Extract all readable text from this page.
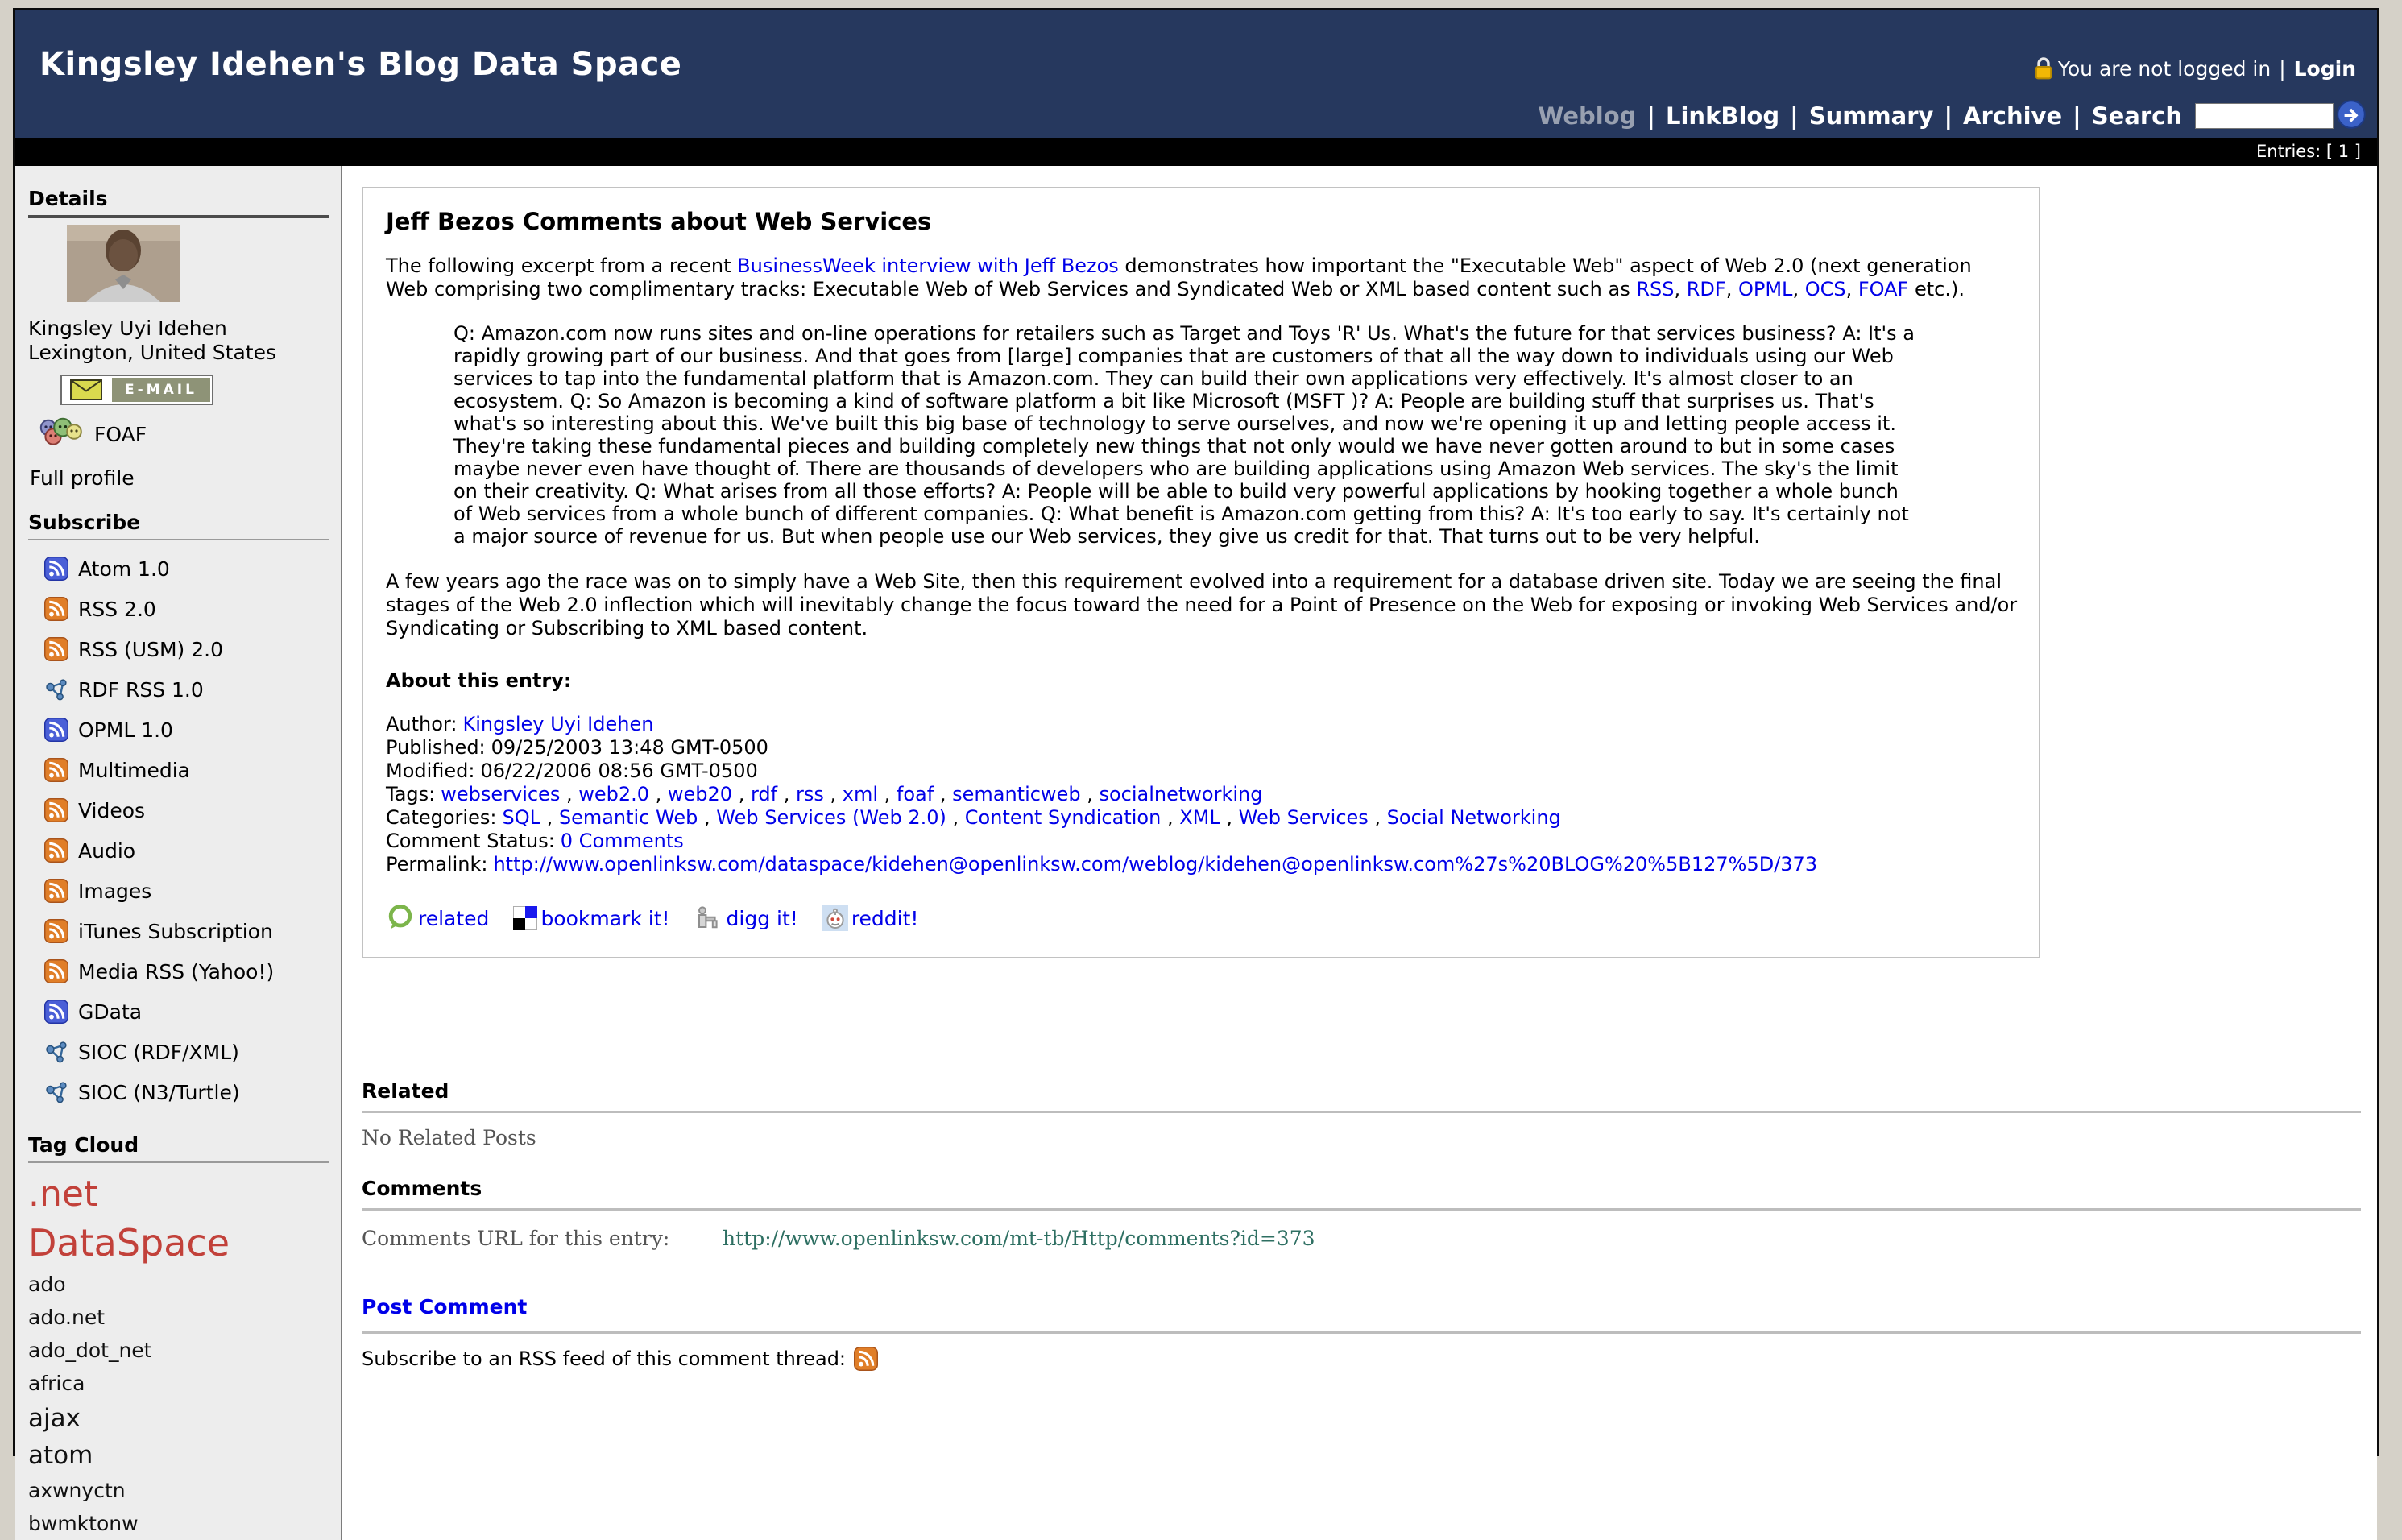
Kingsley Idehen's Blog Data Space	You are not logged in | Login
Weblog | LinkBlog | Summary | Archive | Search
Entries: [ 1 ]
Details
Kingsley Uyi Idehen
Lexington, United States
E-MAIL
FOAF
Full profile
Subscribe
Atom 1.0
RSS 2.0
RSS (USM) 2.0
RDF RSS 1.0
OPML 1.0
Multimedia
Videos
Audio
Images
iTunes Subscription
Media RSS (Yahoo!)
GData
SIOC (RDF/XML)
SIOC (N3/Turtle)
Tag Cloud
.net
DataSpace
ado
ado.net
ado_dot_net
africa
ajax
atom
axwnyctn
bwmktonw
Jeff Bezos Comments about Web Services

The following excerpt from a recent BusinessWeek interview with Jeff Bezos demonstrates how important the "Executable Web" aspect of Web 2.0 (next generation Web comprising two complimentary tracks: Executable Web of Web Services and Syndicated Web or XML based content such as RSS, RDF, OPML, OCS, FOAF etc.).

Q: Amazon.com now runs sites and on-line operations for retailers such as Target and Toys 'R' Us. What's the future for that services business? A: It's a rapidly growing part of our business. And that goes from [large] companies that are customers of that all the way down to individuals using our Web services to tap into the fundamental platform that is Amazon.com. They can build their own applications very effectively. It's almost closer to an ecosystem. Q: So Amazon is becoming a kind of software platform a bit like Microsoft (MSFT )? A: People are building stuff that surprises us. That's what's so interesting about this. We've built this big base of technology to serve ourselves, and now we're opening it up and letting people access it. They're taking these fundamental pieces and building completely new things that not only would we have never gotten around to but in some cases maybe never even have thought of. There are thousands of developers who are building applications using Amazon Web services. The sky's the limit on their creativity. Q: What arises from all those efforts? A: People will be able to build very powerful applications by hooking together a whole bunch of Web services from a whole bunch of different companies. Q: What benefit is Amazon.com getting from this? A: It's too early to say. It's certainly not a major source of revenue for us. But when people use our Web services, they give us credit for that. That turns out to be very helpful.

A few years ago the race was on to simply have a Web Site, then this requirement evolved into a requirement for a database driven site. Today we are seeing the final stages of the Web 2.0 inflection which will inevitably change the focus toward the need for a Point of Presence on the Web for exposing or invoking Web Services and/or Syndicating or Subscribing to XML based content.

About this entry:
Author: Kingsley Uyi Idehen
Published: 09/25/2003 13:48 GMT-0500
Modified: 06/22/2006 08:56 GMT-0500
Tags: webservices , web2.0 , web20 , rdf , rss , xml , foaf , semanticweb , socialnetworking
Categories: SQL , Semantic Web , Web Services (Web 2.0) , Content Syndication , XML , Web Services , Social Networking
Comment Status: 0 Comments
Permalink: http://www.openlinksw.com/dataspace/kidehen@openlinksw.com/weblog/kidehen@openlinksw.com%27s%20BLOG%20%5B127%5D/373
related	bookmark it!	digg it!	reddit!
Related
No Related Posts
Comments
Comments URL for this entry:	http://www.openlinksw.com/mt-tb/Http/comments?id=373
Post Comment
Subscribe to an RSS feed of this comment thread:
